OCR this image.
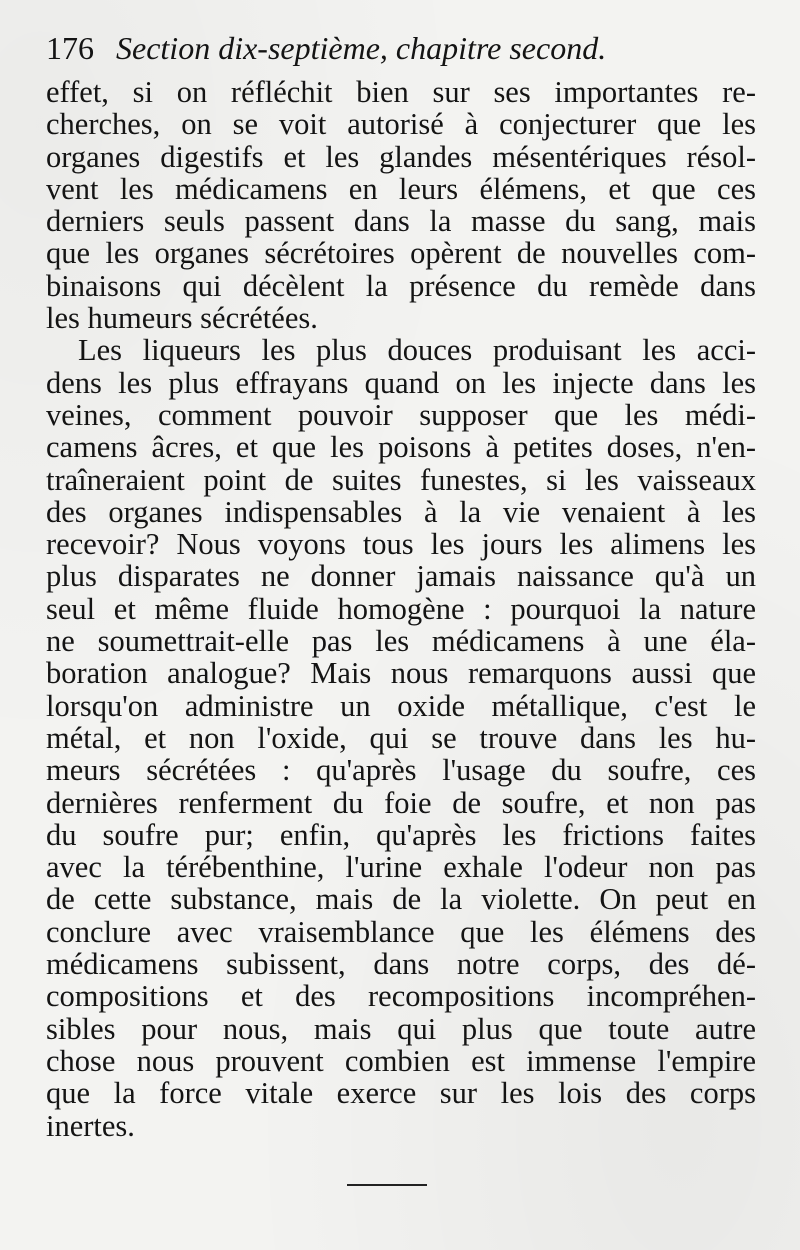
176 Section dix-septième, chapitre second.
effet, si on réfléchit bien sur ses importantes re-
cherches, on se voit autorisé à conjecturer que les
organes digestifs et les glandes mésentériques résol-
vent les médicamens en leurs élémens, et que ces
derniers seuls passent dans la masse du sang, mais
que les organes sécrétoires opèrent de nouvelles com-
binaisons qui décèlent la présence du remède dans
les humeurs sécrétées.
Les liqueurs les plus douces produisant les acci-
dens les plus effrayans quand on les injecte dans les
veines, comment pouvoir supposer que les médi-
camens âcres, et que les poisons à petites doses, n'en-
traîneraient point de suites funestes, si les vaisseaux
des organes indispensables à la vie venaient à les
recevoir? Nous voyons tous les jours les alimens les
plus disparates ne donner jamais naissance qu'à un
seul et même fluide homogène : pourquoi la nature
ne soumettrait-elle pas les médicamens à une éla-
boration analogue? Mais nous remarquons aussi que
lorsqu'on administre un oxide métallique, c'est le
métal, et non l'oxide, qui se trouve dans les hu-
meurs sécrétées : qu'après l'usage du soufre, ces
dernières renferment du foie de soufre, et non pas
du soufre pur; enfin, qu'après les frictions faites
avec la térébenthine, l'urine exhale l'odeur non pas
de cette substance, mais de la violette. On peut en
conclure avec vraisemblance que les élémens des
médicamens subissent, dans notre corps, des dé-
compositions et des recompositions incompréhen-
sibles pour nous, mais qui plus que toute autre
chose nous prouvent combien est immense l'empire
que la force vitale exerce sur les lois des corps
inertes.
